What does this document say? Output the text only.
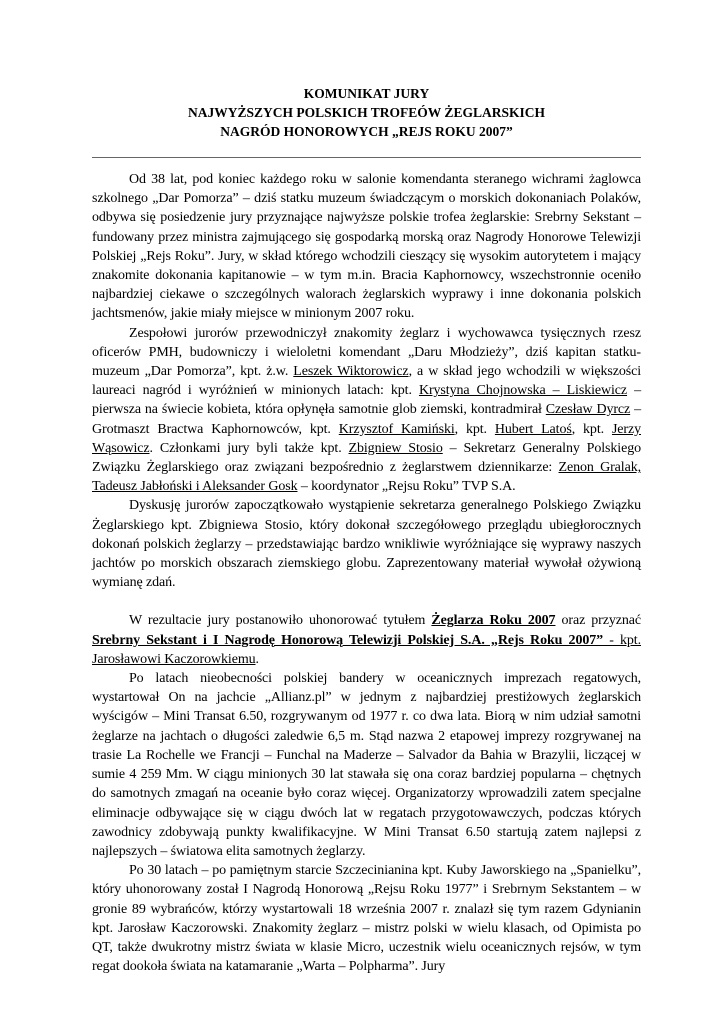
KOMUNIKAT JURY

NAJWYŻSZYCH POLSKICH TROFEÓW ŻEGLARSKICH

NAGRÓD HONOROWYCH „REJS ROKU 2007”

Od 38 lat, pod koniec każdego roku w salonie komendanta steranego wichrami żaglowca szkolnego „Dar Pomorza” – dziś statku muzeum świadczącym o morskich dokonaniach Polaków, odbywa się posiedzenie jury przyznające najwyższe polskie trofea żeglarskie: Srebrny Sekstant – fundowany przez ministra zajmującego się gospodarką morską oraz Nagrody Honorowe Telewizji Polskiej „Rejs Roku”. Jury, w skład którego wchodzili cieszący się wysokim autorytetem i mający znakomite dokonania kapitanowie – w tym m.in. Bracia Kaphornowcy, wszechstronnie oceniło najbardziej ciekawe o szczególnych walorach żeglarskich wyprawy i inne dokonania polskich jachtsmenów, jakie miały miejsce w minionym 2007 roku.

Zespołowi jurorów przewodniczył znakomity żeglarz i wychowawca tysięcznych rzesz oficerów PMH, budowniczy i wieloletni komendant „Daru Młodzieży”, dziś kapitan statku-muzeum „Dar Pomorza”, kpt. ż.w. Leszek Wiktorowicz, a w skład jego wchodzili w większości laureaci nagród i wyróżnień w minionych latach: kpt. Krystyna Chojnowska – Liskiewicz – pierwsza na świecie kobieta, która opłynęła samotnie glob ziemski, kontradmirał Czesław Dyrcz – Grotmaszt Bractwa Kaphornowców, kpt. Krzysztof Kamiński, kpt. Hubert Latoś, kpt. Jerzy Wąsowicz. Członkami jury byli także kpt. Zbigniew Stosio – Sekretarz Generalny Polskiego Związku Żeglarskiego oraz związani bezpośrednio z żeglarstwem dziennikarze: Zenon Gralak, Tadeusz Jabłoński i Aleksander Gosk – koordynator „Rejsu Roku” TVP S.A.

Dyskusję jurorów zapoczątkowało wystąpienie sekretarza generalnego Polskiego Związku Żeglarskiego kpt. Zbigniewa Stosio, który dokonał szczegółowego przeglądu ubiegłorocznych dokonań polskich żeglarzy – przedstawiając bardzo wnikliwie wyróżniające się wyprawy naszych jachtów po morskich obszarach ziemskiego globu. Zaprezentowany materiał wywołał ożywioną wymianę zdań.

W rezultacie jury postanowiło uhonorować tytułem Żeglarza Roku 2007 oraz przyznać Srebrny Sekstant i I Nagrodę Honorową Telewizji Polskiej S.A. „Rejs Roku 2007” - kpt. Jarosławowi Kaczorowkiemu.

Po latach nieobecności polskiej bandery w oceanicznych imprezach regatowych, wystartował On na jachcie „Allianz.pl” w jednym z najbardziej prestiżowych żeglarskich wyścigów – Mini Transat 6.50, rozgrywanym od 1977 r. co dwa lata. Biorą w nim udział samotni żeglarze na jachtach o długości zaledwie 6,5 m. Stąd nazwa 2 etapowej imprezy rozgrywanej na trasie La Rochelle we Francji – Funchal na Maderze – Salvador da Bahia w Brazylii, liczącej w sumie 4 259 Mm. W ciągu minionych 30 lat stawała się ona coraz bardziej popularna – chętnych do samotnych zmagań na oceanie było coraz więcej. Organizatorzy wprowadzili zatem specjalne eliminacje odbywające się w ciągu dwóch lat w regatach przygotowawczych, podczas których zawodnicy zdobywają punkty kwalifikacyjne. W Mini Transat 6.50 startują zatem najlepsi z najlepszych – światowa elita samotnych żeglarzy.

Po 30 latach – po pamiętnym starcie Szczecinianina kpt. Kuby Jaworskiego na „Spanielku”, który uhonorowany został I Nagrodą Honorową „Rejsu Roku 1977” i Srebrnym Sekstantem – w gronie 89 wybrańców, którzy wystartowali 18 września 2007 r. znalazł się tym razem Gdynianin kpt. Jarosław Kaczorowski. Znakomity żeglarz – mistrz polski w wielu klasach, od Opimista po QT, także dwukrotny mistrz świata w klasie Micro, uczestnik wielu oceanicznych rejsów, w tym regat dookoła świata na katamaranie „Warta – Polpharma”. Jury
